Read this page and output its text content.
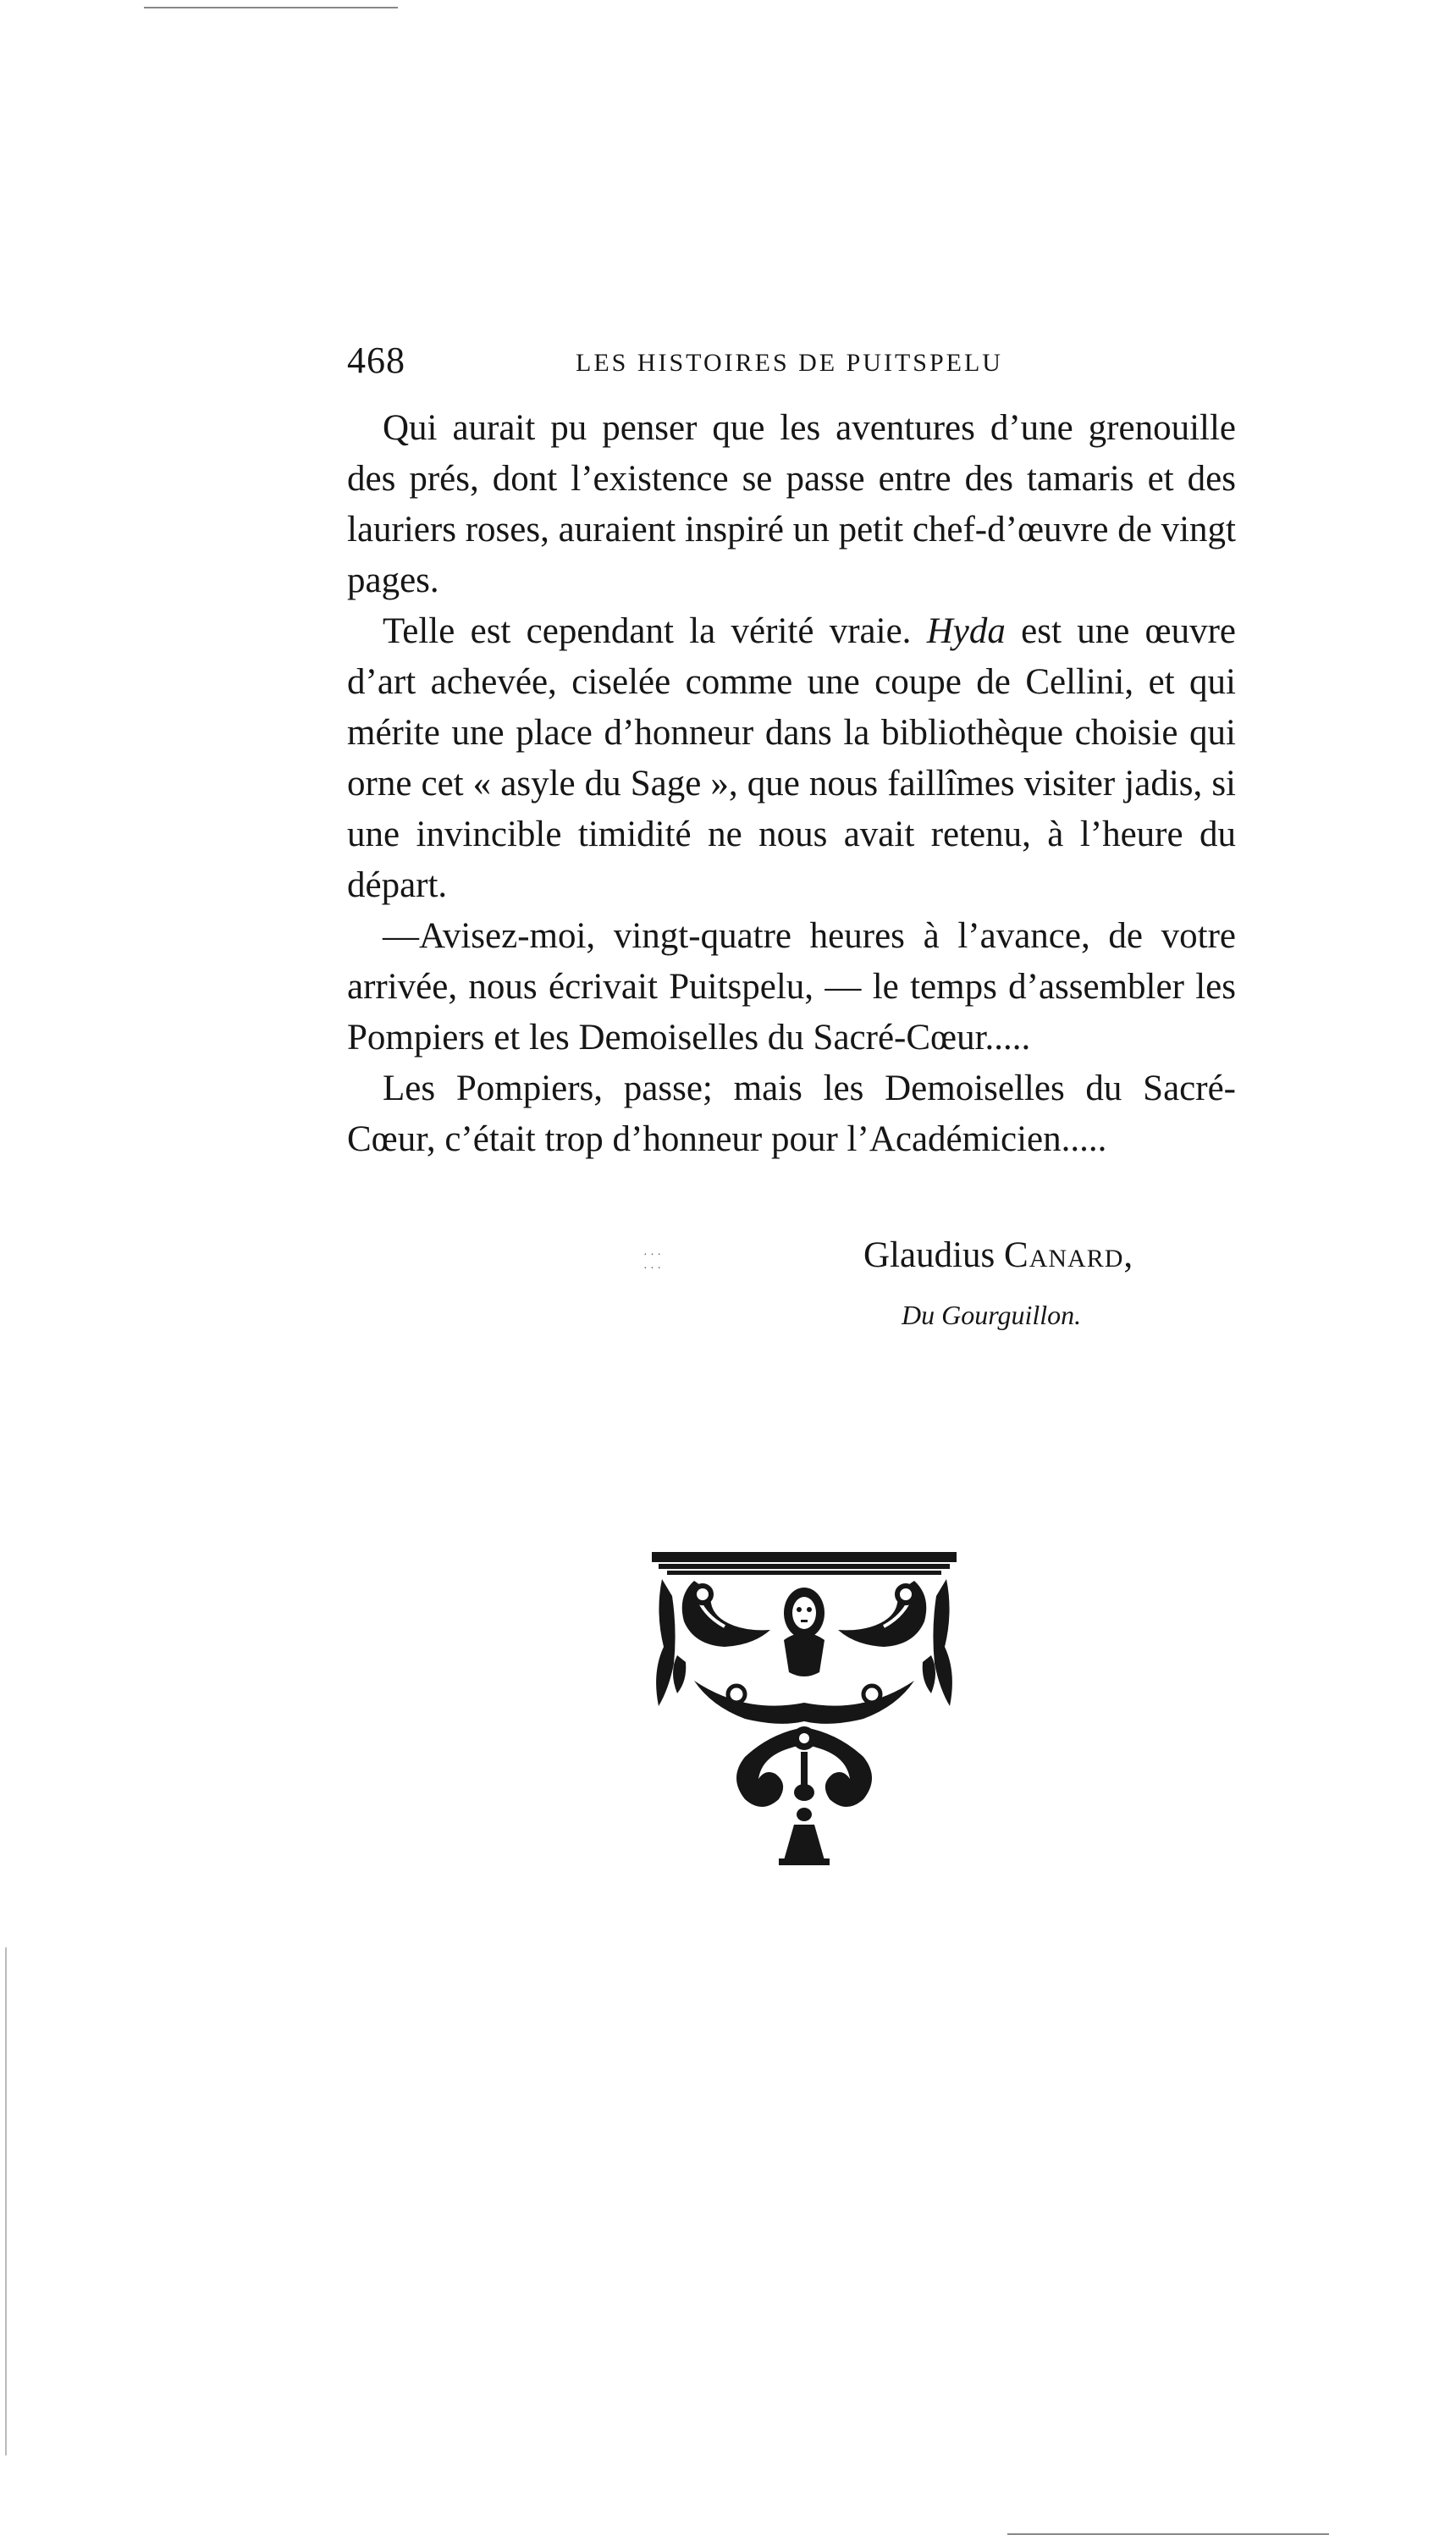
468	LES HISTOIRES DE PUITSPELU

Qui aurait pu penser que les aventures d’une grenouille des prés, dont l’existence se passe entre des tamaris et des lauriers roses, auraient inspiré un petit chef-d’œuvre de vingt pages.

Telle est cependant la vérité vraie. Hyda est une œuvre d’art achevée, ciselée comme une coupe de Cellini, et qui mérite une place d’honneur dans la bibliothèque choisie qui orne cet « asyle du Sage », que nous faillîmes visiter jadis, si une invincible timidité ne nous avait retenu, à l’heure du départ.

—Avisez-moi, vingt-quatre heures à l’avance, de votre arrivée, nous écrivait Puitspelu, — le temps d’assembler les Pompiers et les Demoiselles du Sacré-Cœur.....

Les Pompiers, passe; mais les Demoiselles du Sacré-Cœur, c’était trop d’honneur pour l’Académicien.....

· · ·
· · ·	Glaudius Canard,
Du Gourguillon.
